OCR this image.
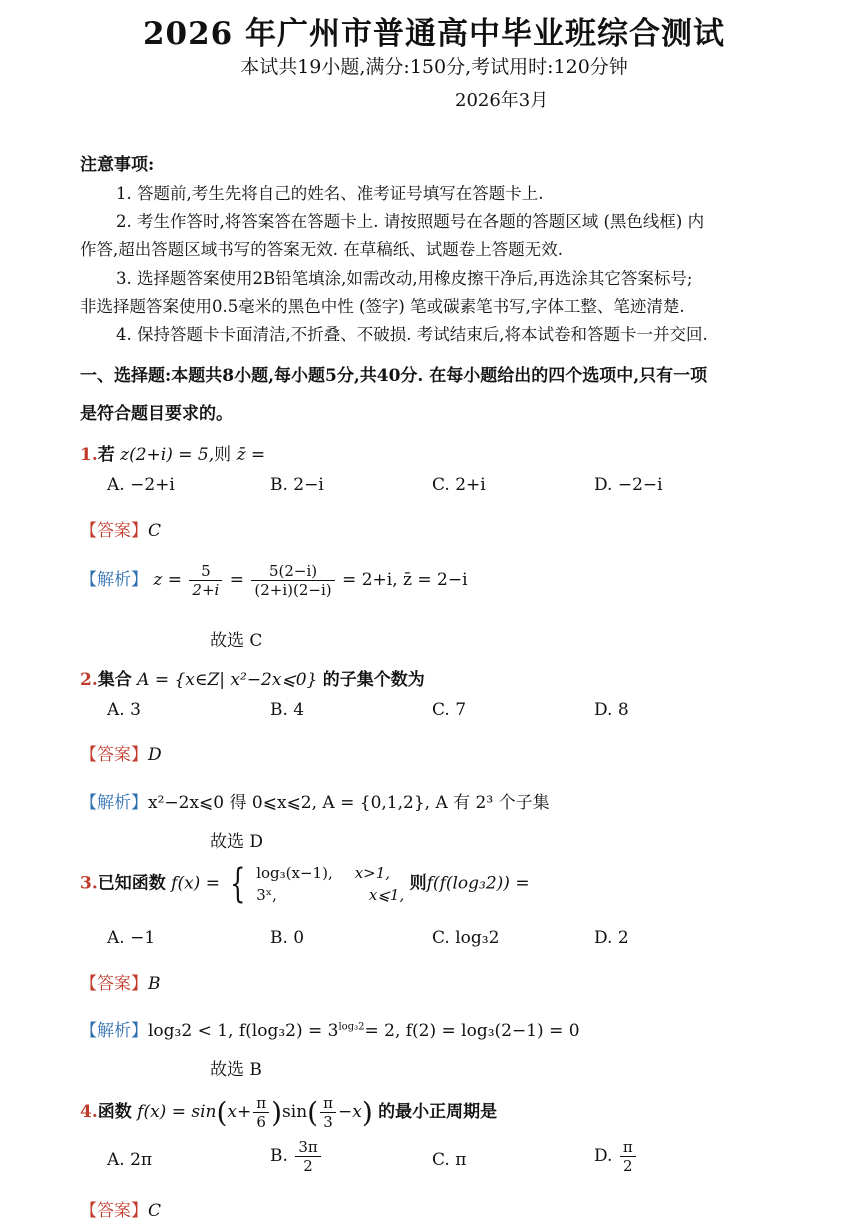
2026 年广州市普通高中毕业班综合测试
本试共19小题,满分:150分,考试用时:120分钟
2026年3月
注意事项:
1. 答题前,考生先将自己的姓名、准考证号填写在答题卡上.
2. 考生作答时,将答案答在答题卡上. 请按照题号在各题的答题区域 (黑色线框) 内
作答,超出答题区域书写的答案无效. 在草稿纸、试题卷上答题无效.
3. 选择题答案使用2B铅笔填涂,如需改动,用橡皮擦干净后,再选涂其它答案标号;
非选择题答案使用0.5毫米的黑色中性 (签字) 笔或碳素笔书写,字体工整、笔迹清楚.
4. 保持答题卡卡面清洁,不折叠、不破损. 考试结束后,将本试卷和答题卡一并交回.
一、选择题:本题共8小题,每小题5分,共40分. 在每小题给出的四个选项中,只有一项
是符合题目要求的。
1.若 z(2+i) = 5,则 z̄ =
A. −2+i	B. 2−i	C. 2+i	D. −2−i
【答案】C
【解析】 $z = \frac{5}{2+i} = \frac{5(2-i)}{(2+i)(2-i)} = 2+i$, z̄ = 2−i
故选 C
2.集合 A = {x∈Z| x²−2x⩽0} 的子集个数为
A. 3	B. 4	C. 7	D. 8
【答案】D
【解析】x²−2x⩽0 得 0⩽x⩽2, A = {0,1,2}, A 有 2³ 个子集
故选 D
3.已知函数 f(x) = { log₃(x−1), x>1,
3ˣ,	x⩽1,
则f(f(log₃2)) =
A. −1	B. 0	C. log₃2	D. 2
【答案】B
【解析】log₃2 < 1, $f(\log_32) = 3^{log_32}= 2$, f(2) = log₃(2−1) = 0
故选 B
4.函数 $f(x) = \sin(x+ \frac{\pi}{6} )\sin( \frac{\pi}{3} -x)$ 的最小正周期是
A. 2π	B. $\frac{3\pi}{2}$	C. π	D. $\frac{\pi}{2}$
【答案】C
